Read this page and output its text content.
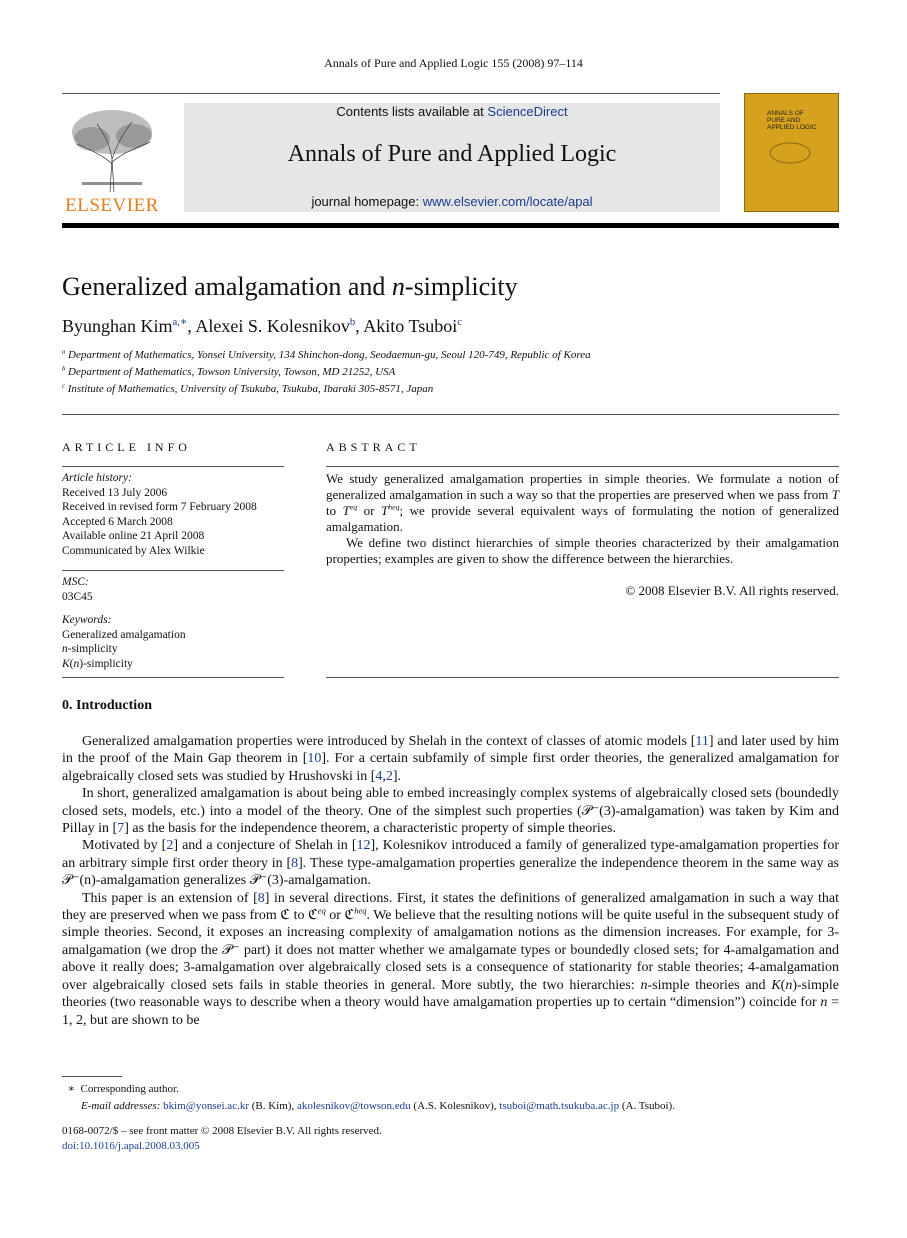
Annals of Pure and Applied Logic 155 (2008) 97–114
ELSEVIER
Contents lists available at ScienceDirect
Annals of Pure and Applied Logic
journal homepage: www.elsevier.com/locate/apal
ANNALS OF
PURE AND
APPLIED LOGIC
Generalized amalgamation and n-simplicity
Byunghan Kim$^{a,∗}$, Alexei S. Kolesnikov$^b$, Akito Tsuboi$^c$
$^a$ Department of Mathematics, Yonsei University, 134 Shinchon-dong, Seodaemun-gu, Seoul 120-749, Republic of Korea
$^b$ Department of Mathematics, Towson University, Towson, MD 21252, USA
$^c$ Institute of Mathematics, University of Tsukuba, Tsukuba, Ibaraki 305-8571, Japan
ARTICLE INFO	ABSTRACT
Article history:
Received 13 July 2006
Received in revised form 7 February 2008
Accepted 6 March 2008
Available online 21 April 2008
Communicated by Alex Wilkie
MSC:
03C45
Keywords:
Generalized amalgamation
n-simplicity
K(n)-simplicity

We study generalized amalgamation properties in simple theories. We formulate a notion of generalized amalgamation in such a way so that the properties are preserved when we pass from T to $T^{eq}$ or $T^{heq}$; we provide several equivalent ways of formulating the notion of generalized amalgamation.

We define two distinct hierarchies of simple theories characterized by their amalgamation properties; examples are given to show the difference between the hierarchies.

© 2008 Elsevier B.V. All rights reserved.
0. Introduction

Generalized amalgamation properties were introduced by Shelah in the context of classes of atomic models [11] and later used by him in the proof of the Main Gap theorem in [10]. For a certain subfamily of simple first order theories, the generalized amalgamation for algebraically closed sets was studied by Hrushovski in [4,2].

In short, generalized amalgamation is about being able to embed increasingly complex systems of algebraically closed sets (boundedly closed sets, models, etc.) into a model of the theory. One of the simplest such properties (𝒫⁻(3)-amalgamation) was taken by Kim and Pillay in [7] as the basis for the independence theorem, a characteristic property of simple theories.

Motivated by [2] and a conjecture of Shelah in [12], Kolesnikov introduced a family of generalized type-amalgamation properties for an arbitrary simple first order theory in [8]. These type-amalgamation properties generalize the independence theorem in the same way as 𝒫⁻(n)-amalgamation generalizes 𝒫⁻(3)-amalgamation.

This paper is an extension of [8] in several directions. First, it states the definitions of generalized amalgamation in such a way that they are preserved when we pass from ℭ to ℭ$^{eq}$ or ℭ$^{heq}$. We believe that the resulting notions will be quite useful in the subsequent study of simple theories. Second, it exposes an increasing complexity of amalgamation notions as the dimension increases. For example, for 3-amalgamation (we drop the 𝒫⁻ part) it does not matter whether we amalgamate types or boundedly closed sets; for 4-amalgamation and above it really does; 3-amalgamation over algebraically closed sets is a consequence of stationarity for stable theories; 4-amalgamation over algebraically closed sets fails in stable theories in general. More subtly, the two hierarchies: n-simple theories and K(n)-simple theories (two reasonable ways to describe when a theory would have amalgamation properties up to certain “dimension”) coincide for n = 1, 2, but are shown to be

∗ Corresponding author.
E-mail addresses: bkim@yonsei.ac.kr (B. Kim), akolesnikov@towson.edu (A.S. Kolesnikov), tsuboi@math.tsukuba.ac.jp (A. Tsuboi).
0168-0072/$ – see front matter © 2008 Elsevier B.V. All rights reserved.
doi:10.1016/j.apal.2008.03.005
